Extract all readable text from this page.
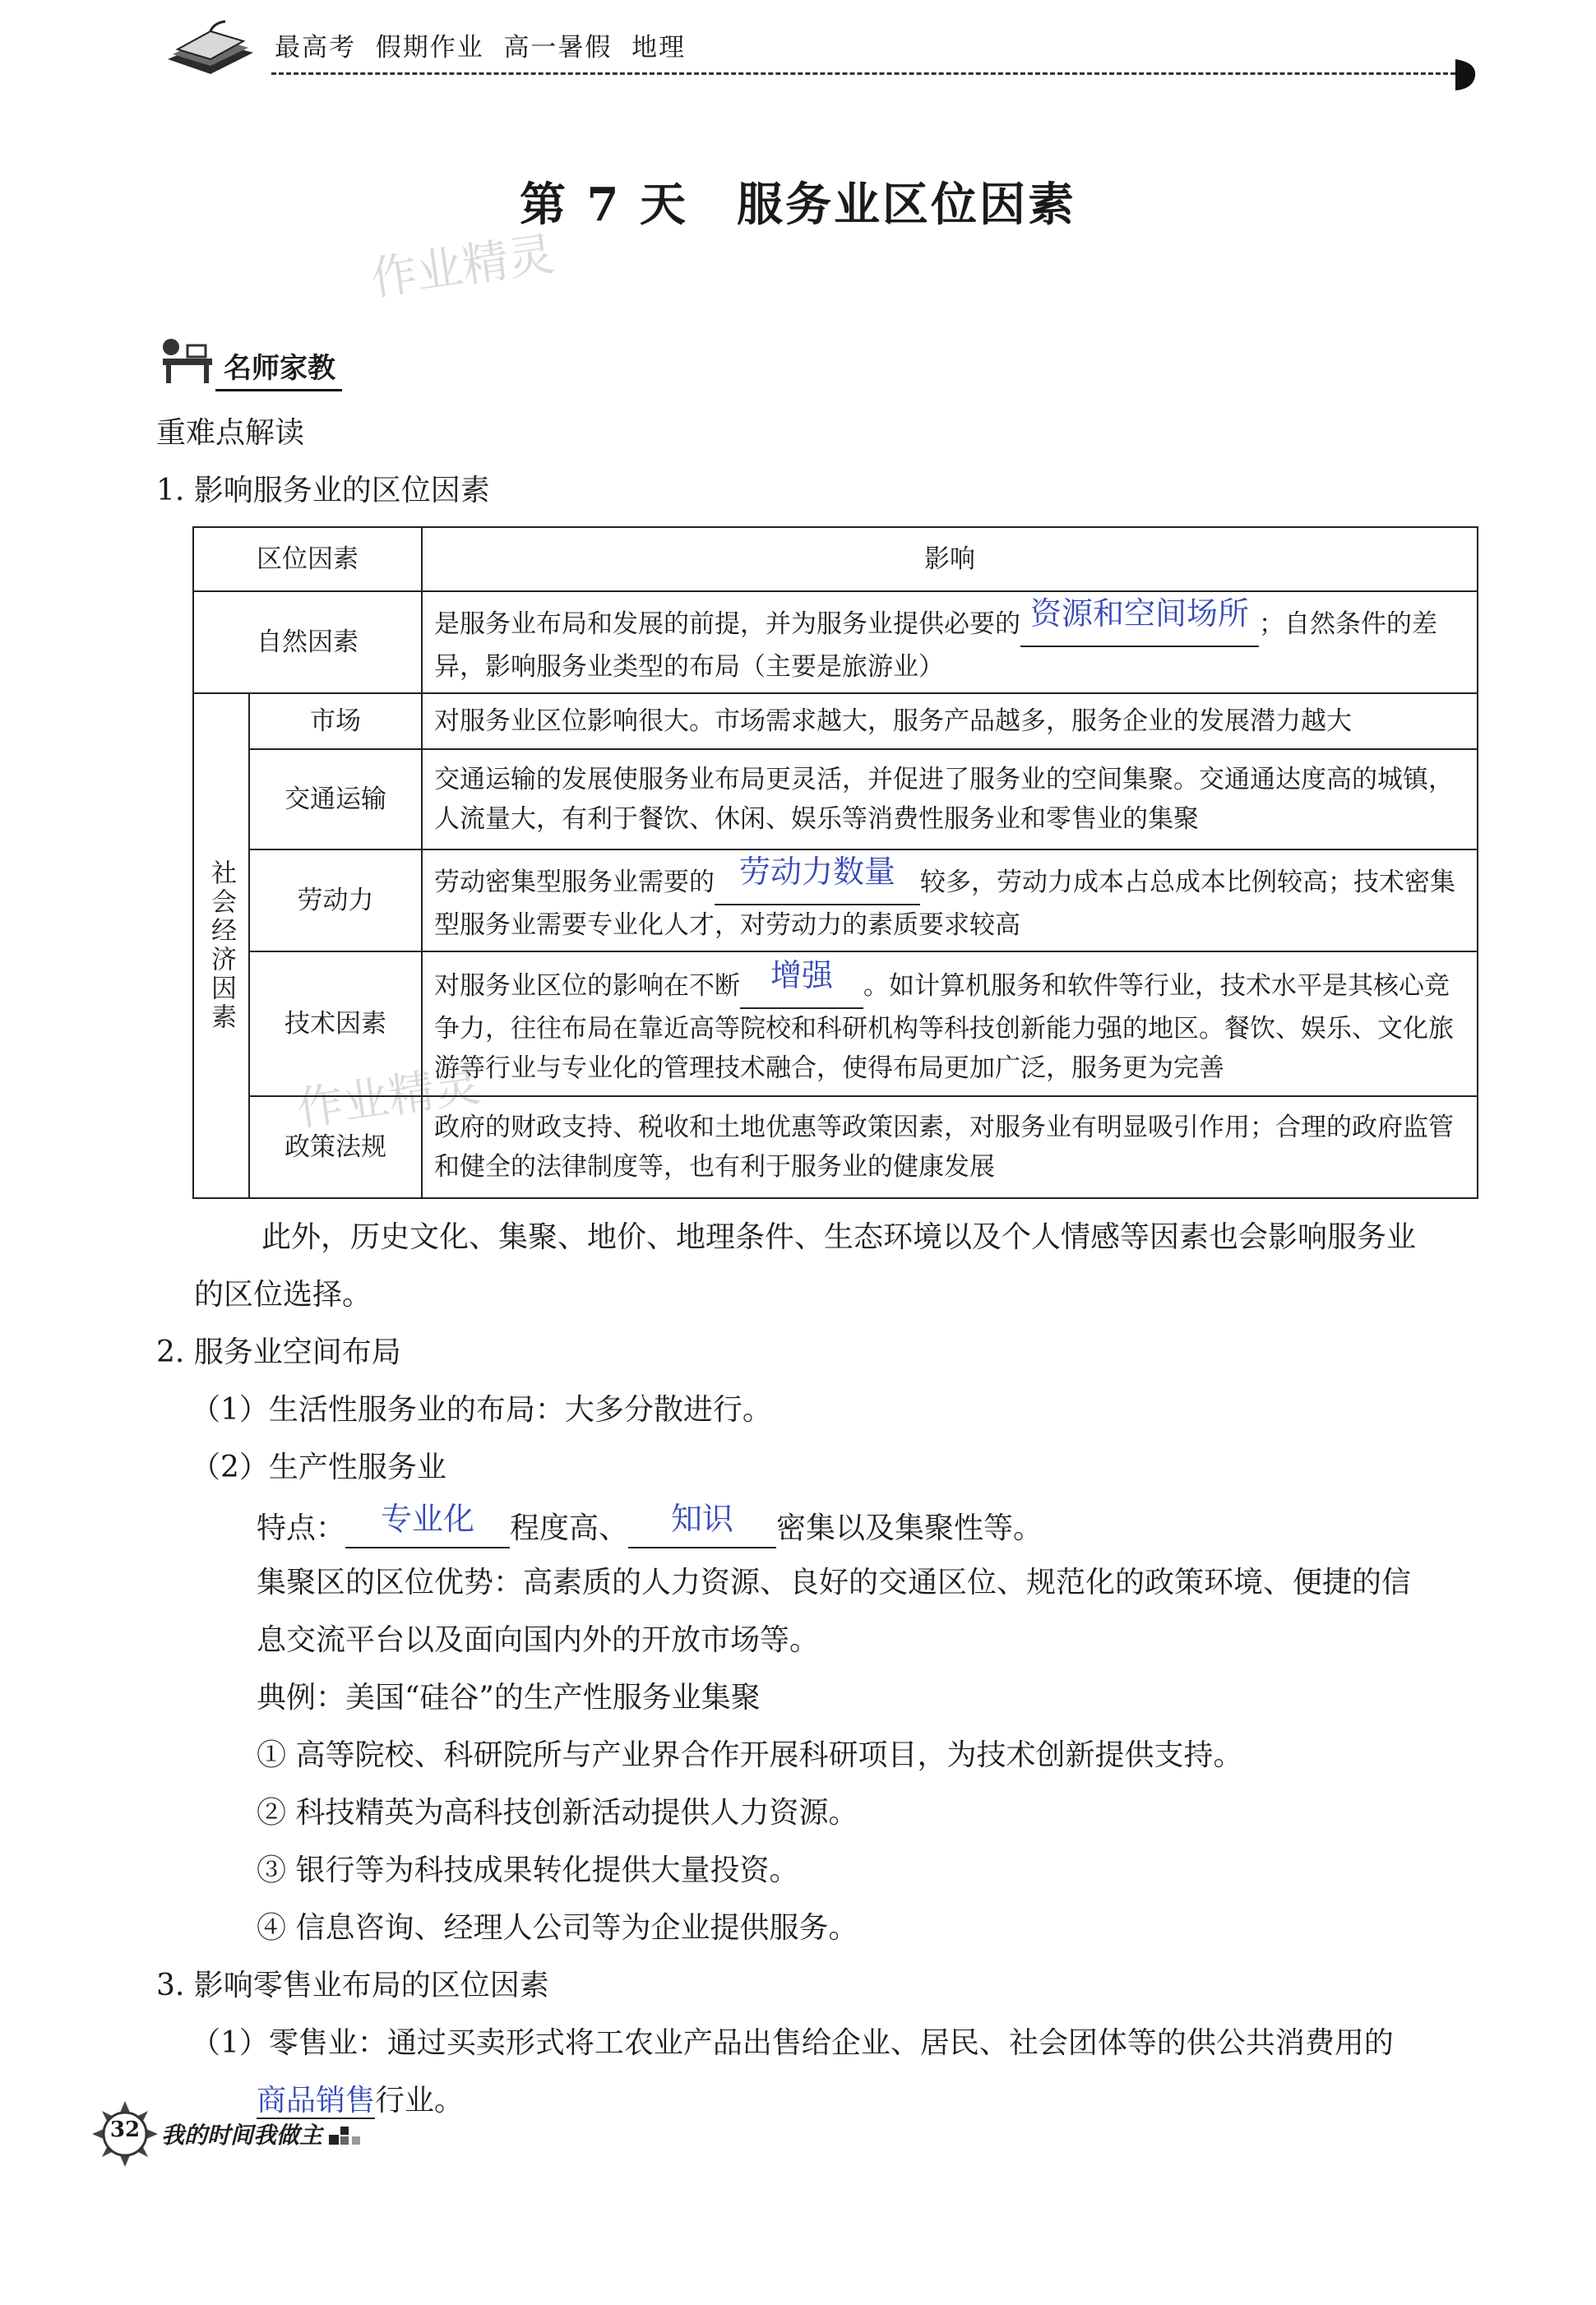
最高考 假期作业 高一暑假 地理
第 7 天　服务业区位因素
作业精灵
作业精灵
名师家教
重难点解读
1. 影响服务业的区位因素
区位因素		影响
自然因素		是服务业布局和发展的前提，并为服务业提供必要的 资源和空间场所 ；自然条件的差异，影响服务业类型的布局（主要是旅游业）
社会经济因素	市场	对服务业区位影响很大。市场需求越大，服务产品越多，服务企业的发展潜力越大
	交通运输	交通运输的发展使服务业布局更灵活，并促进了服务业的空间集聚。交通通达度高的城镇，人流量大，有利于餐饮、休闲、娱乐等消费性服务业和零售业的集聚
	劳动力	劳动密集型服务业需要的 劳动力数量 较多，劳动力成本占总成本比例较高；技术密集型服务业需要专业化人才，对劳动力的素质要求较高
	技术因素	对服务业区位的影响在不断 增强 。如计算机服务和软件等行业，技术水平是其核心竞争力，往往布局在靠近高等院校和科研机构等科技创新能力强的地区。餐饮、娱乐、文化旅游等行业与专业化的管理技术融合，使得布局更加广泛，服务更为完善
	政策法规	政府的财政支持、税收和土地优惠等政策因素，对服务业有明显吸引作用；合理的政府监管和健全的法律制度等，也有利于服务业的健康发展
此外，历史文化、集聚、地价、地理条件、生态环境以及个人情感等因素也会影响服务业
的区位选择。
2. 服务业空间布局
（1）生活性服务业的布局：大多分散进行。
（2）生产性服务业
特点： 专业化 程度高、 知识 密集以及集聚性等。
集聚区的区位优势：高素质的人力资源、良好的交通区位、规范化的政策环境、便捷的信
息交流平台以及面向国内外的开放市场等。
典例：美国“硅谷”的生产性服务业集聚
① 高等院校、科研院所与产业界合作开展科研项目，为技术创新提供支持。
② 科技精英为高科技创新活动提供人力资源。
③ 银行等为科技成果转化提供大量投资。
④ 信息咨询、经理人公司等为企业提供服务。
3. 影响零售业布局的区位因素
（1）零售业：通过买卖形式将工农业产品出售给企业、居民、社会团体等的供公共消费用的
商品销售行业。
32 我的时间我做主
